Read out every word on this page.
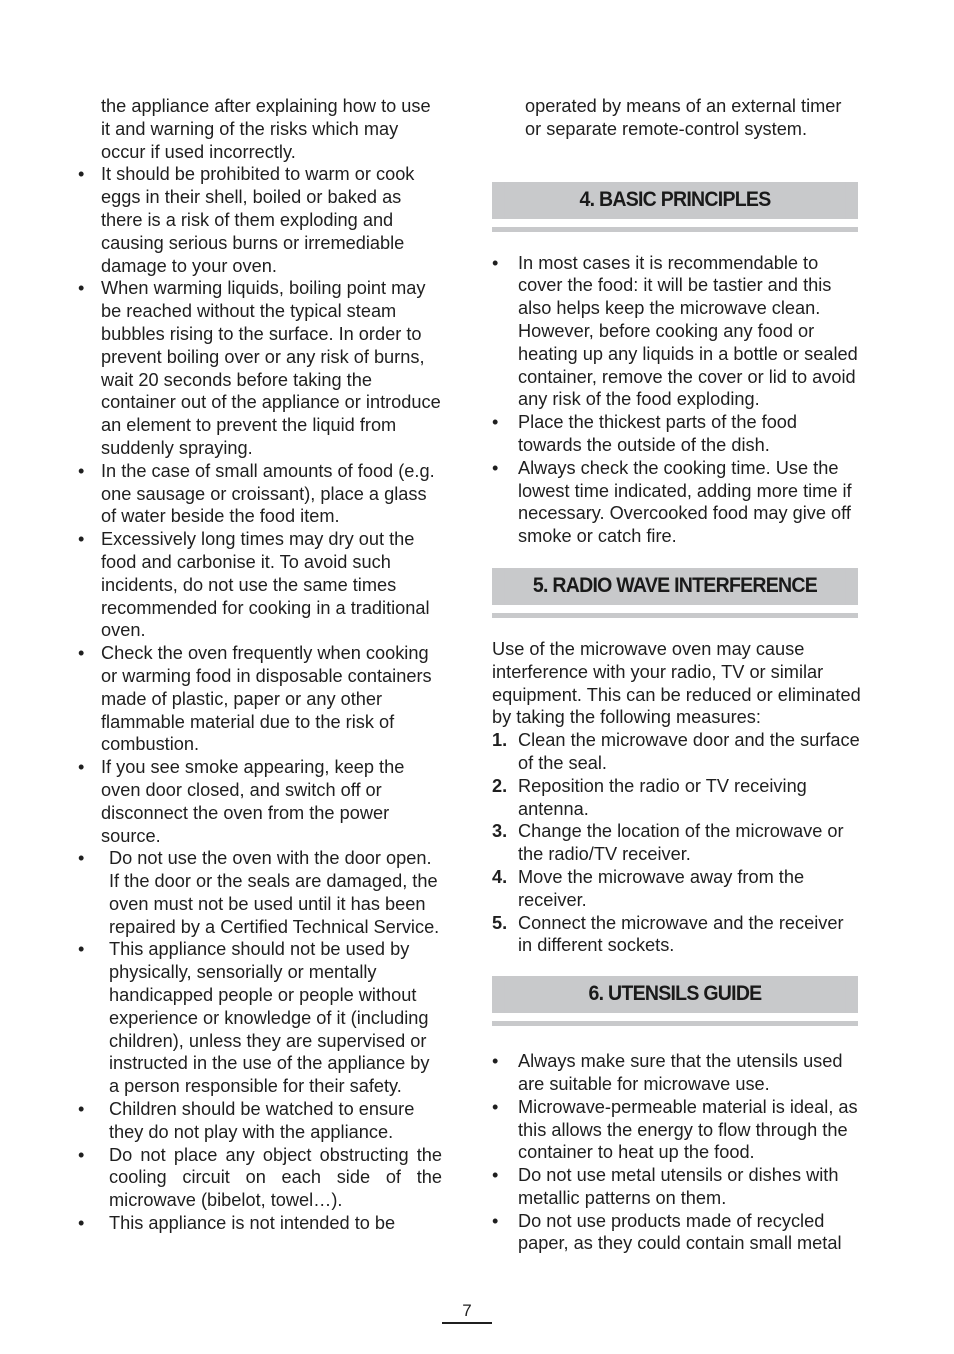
the appliance after explaining how to use it and warning of the risks which may occur if used incorrectly.

• It should be prohibited to warm or cook eggs in their shell, boiled or baked as there is a risk of them exploding and causing serious burns or irremediable damage to your oven.
• When warming liquids, boiling point may be reached without the typical steam bubbles rising to the surface. In order to prevent boiling over or any risk of burns, wait 20 seconds before taking the container out of the appliance or introduce an element to prevent the liquid from suddenly spraying.
• In the case of small amounts of food (e.g. one sausage or croissant), place a glass of water beside the food item.
• Excessively long times may dry out the food and carbonise it. To avoid such incidents, do not use the same times recommended for cooking in a traditional oven.
• Check the oven frequently when cooking or warming food in disposable containers made of plastic, paper or any other flammable material due to the risk of combustion.
• If you see smoke appearing, keep the oven door closed, and switch off or disconnect the oven from the power source.
• Do not use the oven with the door open. If the door or the seals are damaged, the oven must not be used until it has been repaired by a Certified Technical Service.
• This appliance should not be used by physically, sensorially or mentally handicapped people or people without experience or knowledge of it (including children), unless they are supervised or instructed in the use of the appliance by a person responsible for their safety.
• Children should be watched to ensure they do not play with the appliance.
• Do not place any object obstructing the cooling circuit on each side of the microwave (bibelot, towel…).
• This appliance is not intended to be

operated by means of an external timer or separate remote-control system.

4. BASIC PRINCIPLES
• In most cases it is recommendable to cover the food: it will be tastier and this also helps keep the microwave clean. However, before cooking any food or heating up any liquids in a bottle or sealed container, remove the cover or lid to avoid any risk of the food exploding.
• Place the thickest parts of the food towards the outside of the dish.
• Always check the cooking time. Use the lowest time indicated, adding more time if necessary. Overcooked food may give off smoke or catch fire.
5. RADIO WAVE INTERFERENCE

Use of the microwave oven may cause interference with your radio, TV or similar equipment. This can be reduced or eliminated by taking the following measures:

1. Clean the microwave door and the surface of the seal.
2. Reposition the radio or TV receiving antenna.
3. Change the location of the microwave or the radio/TV receiver.
4. Move the microwave away from the receiver.
5. Connect the microwave and the receiver in different sockets.
6. UTENSILS GUIDE
• Always make sure that the utensils used are suitable for microwave use.
• Microwave-permeable material is ideal, as this allows the energy to flow through the container to heat up the food.
• Do not use metal utensils or dishes with metallic patterns on them.
• Do not use products made of recycled paper, as they could contain small metal
7
